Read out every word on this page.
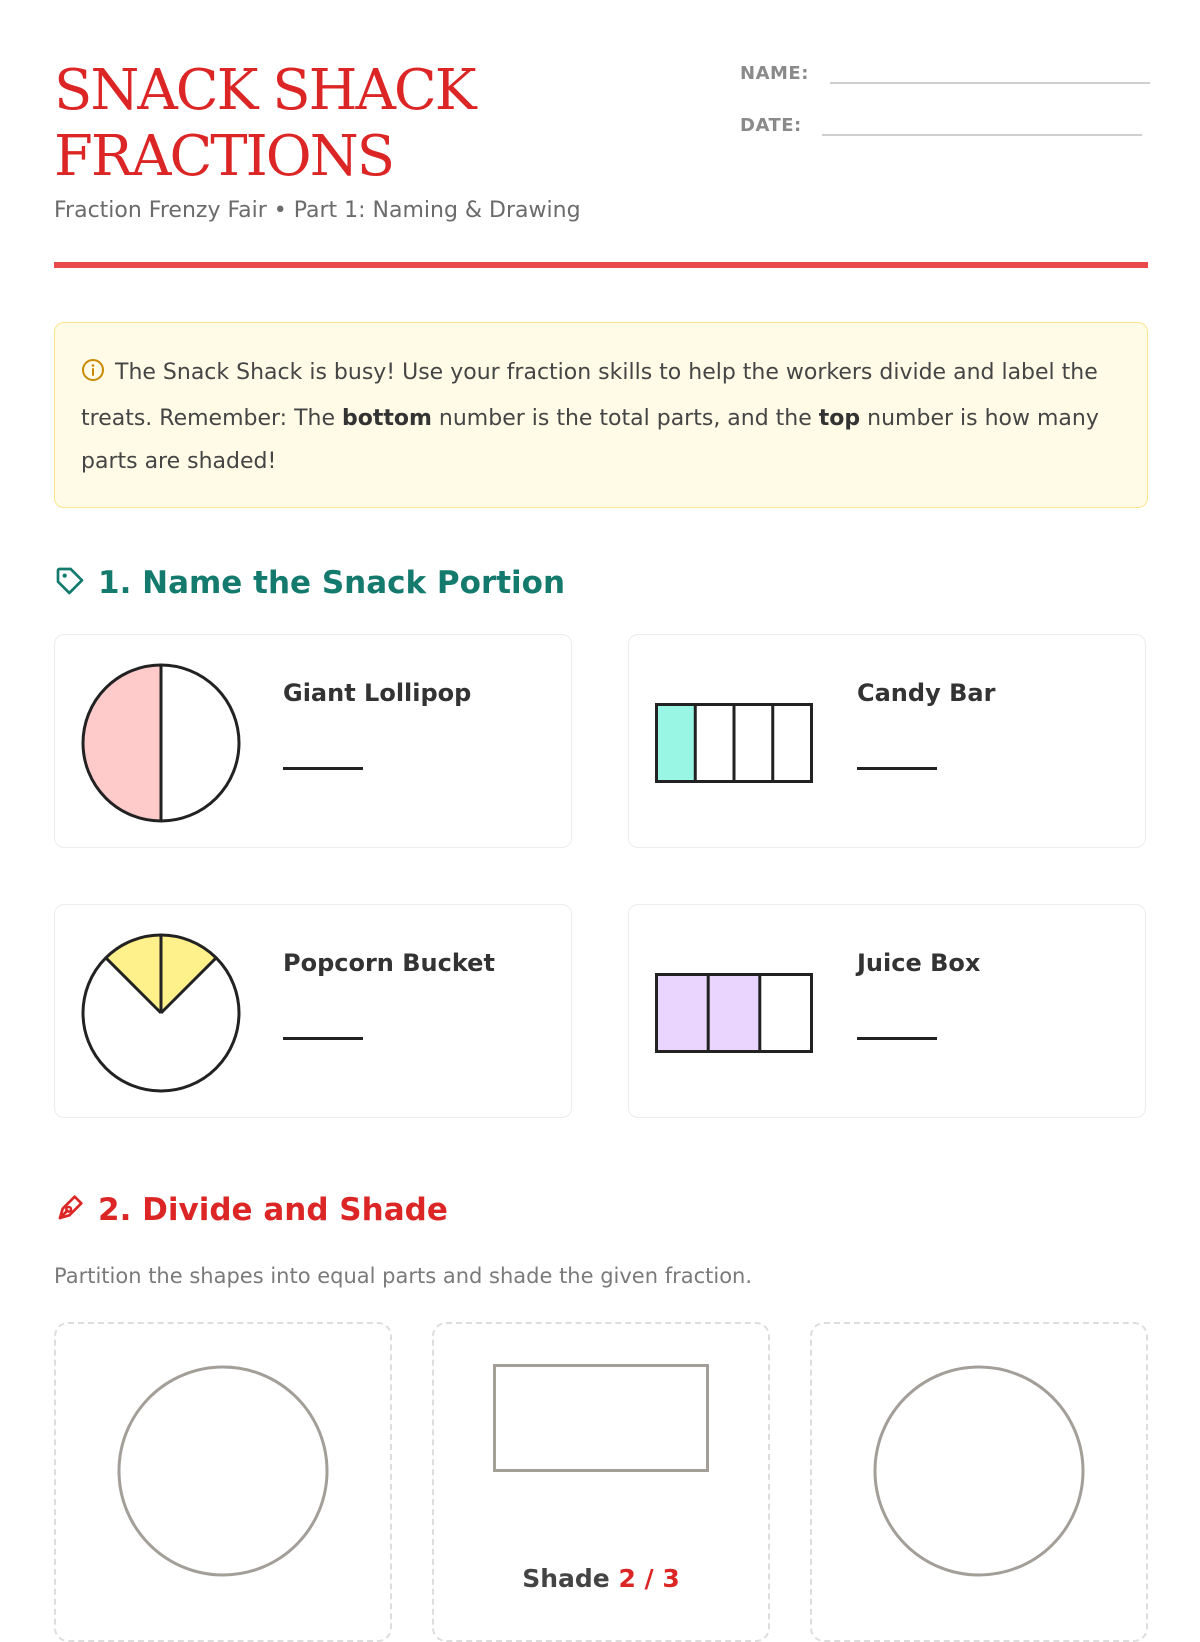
SNACK SHACK
FRACTIONS
Fraction Frenzy Fair • Part 1: Naming & Drawing
NAME:
DATE:
The Snack Shack is busy! Use your fraction skills to help the workers divide and label the treats. Remember: The bottom number is the total parts, and the top number is how many parts are shaded!
1. Name the Snack Portion
Giant Lollipop	Candy Bar
Popcorn Bucket	Juice Box
2. Divide and Shade
Partition the shapes into equal parts and shade the given fraction.
Shade 2 / 3
